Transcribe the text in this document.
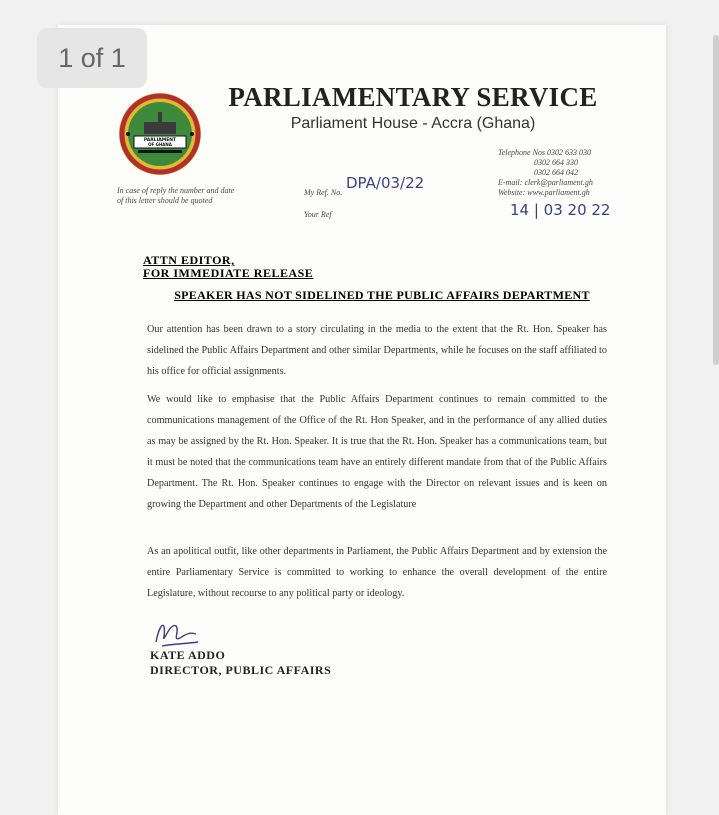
1 of 1
PARLIAMENT
OF GHANA
PARLIAMENTARY SERVICE
Parliament House - Accra (Ghana)
Telephone Nos 0302 633 030
0302 664 330
0302 664 042
E-mail: clerk@parliament.gh
Website: www.parliament.gh
In case of reply the number and date of this letter should be quoted
My Ref. No.
Your Ref
DPA/03/22
14 | 03 20 22
ATTN EDITOR,
FOR IMMEDIATE RELEASE
SPEAKER HAS NOT SIDELINED THE PUBLIC AFFAIRS DEPARTMENT
Our attention has been drawn to a story circulating in the media to the extent that the Rt. Hon. Speaker has sidelined the Public Affairs Department and other similar Departments, while he focuses on the staff affiliated to his office for official assignments.
We would like to emphasise that the Public Affairs Department continues to remain committed to the communications management of the Office of the Rt. Hon Speaker, and in the performance of any allied duties as may be assigned by the Rt. Hon. Speaker. It is true that the Rt. Hon. Speaker has a communications team, but it must be noted that the communications team have an entirely different mandate from that of the Public Affairs Department. The Rt. Hon. Speaker continues to engage with the Director on relevant issues and is keen on growing the Department and other Departments of the Legislature
As an apolitical outfit, like other departments in Parliament, the Public Affairs Department and by extension the entire Parliamentary Service is committed to working to enhance the overall development of the entire Legislature, without recourse to any political party or ideology.
KATE ADDO
DIRECTOR, PUBLIC AFFAIRS
